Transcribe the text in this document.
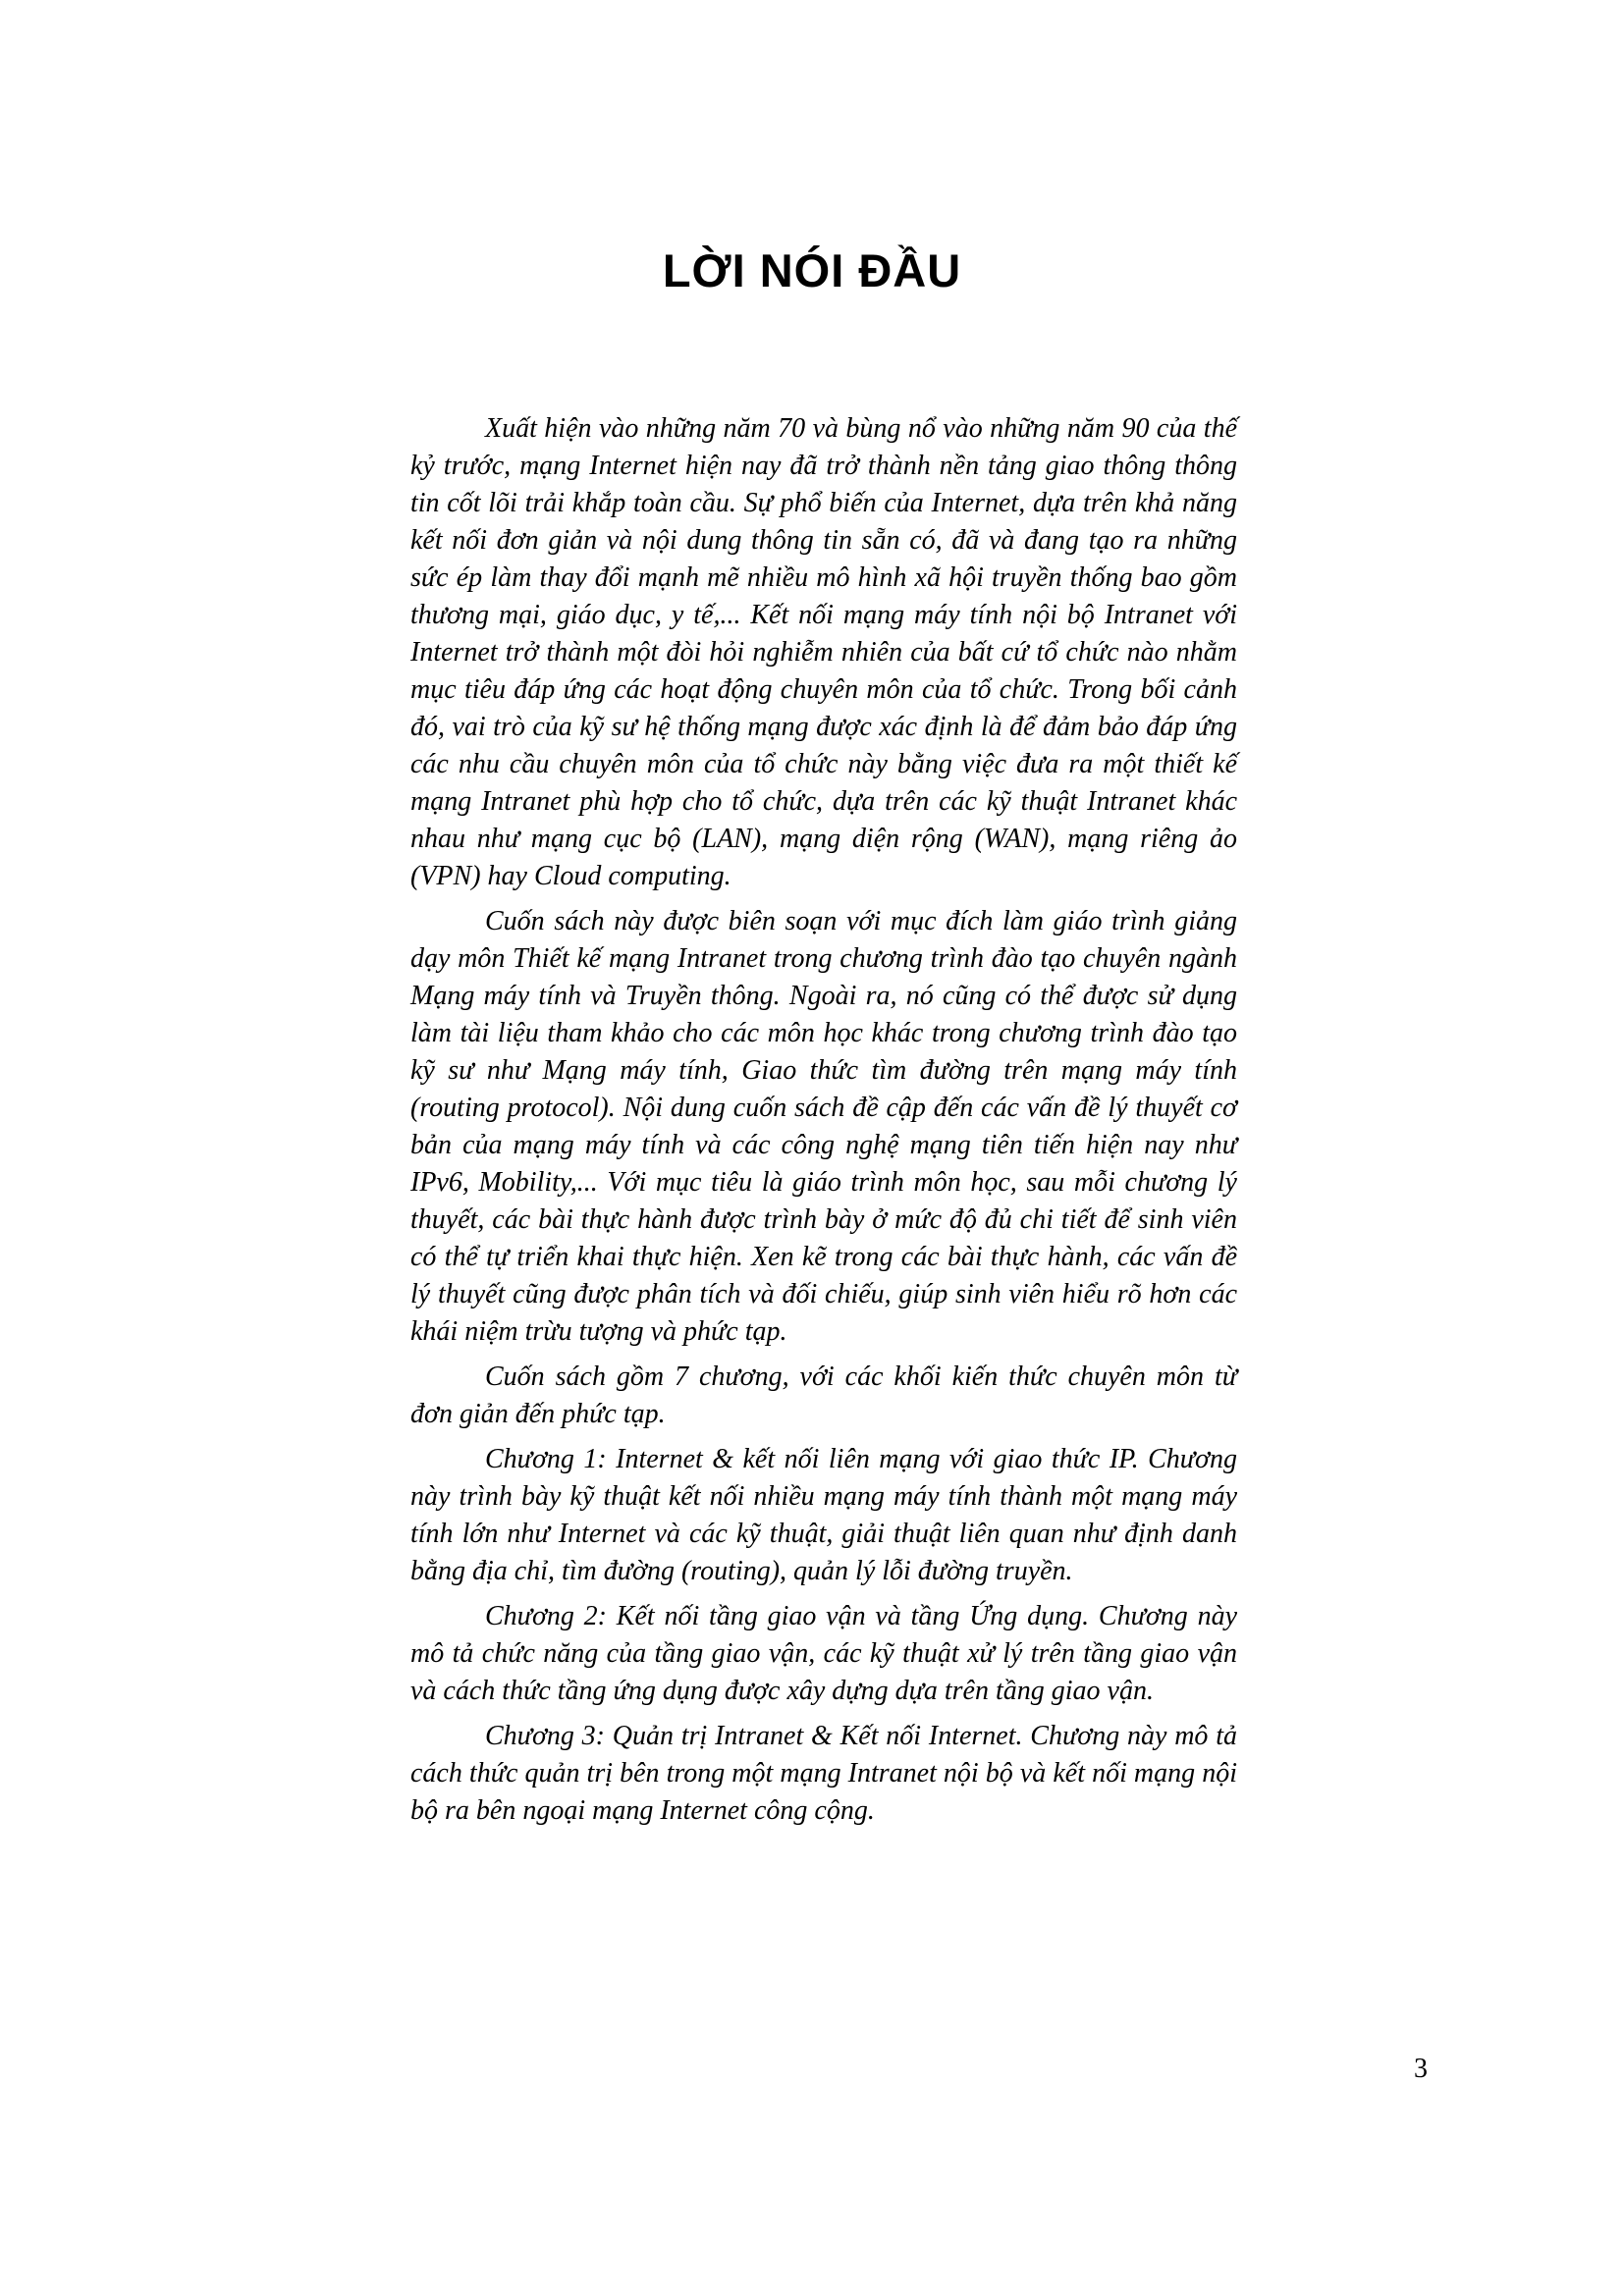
LỜI NÓI ĐẦU

Xuất hiện vào những năm 70 và bùng nổ vào những năm 90 của thế kỷ trước, mạng Internet hiện nay đã trở thành nền tảng giao thông thông tin cốt lõi trải khắp toàn cầu. Sự phổ biến của Internet, dựa trên khả năng kết nối đơn giản và nội dung thông tin sẵn có, đã và đang tạo ra những sức ép làm thay đổi mạnh mẽ nhiều mô hình xã hội truyền thống bao gồm thương mại, giáo dục, y tế,... Kết nối mạng máy tính nội bộ Intranet với Internet trở thành một đòi hỏi nghiễm nhiên của bất cứ tổ chức nào nhằm mục tiêu đáp ứng các hoạt động chuyên môn của tổ chức. Trong bối cảnh đó, vai trò của kỹ sư hệ thống mạng được xác định là để đảm bảo đáp ứng các nhu cầu chuyên môn của tổ chức này bằng việc đưa ra một thiết kế mạng Intranet phù hợp cho tổ chức, dựa trên các kỹ thuật Intranet khác nhau như mạng cục bộ (LAN), mạng diện rộng (WAN), mạng riêng ảo (VPN) hay Cloud computing.

Cuốn sách này được biên soạn với mục đích làm giáo trình giảng dạy môn Thiết kế mạng Intranet trong chương trình đào tạo chuyên ngành Mạng máy tính và Truyền thông. Ngoài ra, nó cũng có thể được sử dụng làm tài liệu tham khảo cho các môn học khác trong chương trình đào tạo kỹ sư như Mạng máy tính, Giao thức tìm đường trên mạng máy tính (routing protocol). Nội dung cuốn sách đề cập đến các vấn đề lý thuyết cơ bản của mạng máy tính và các công nghệ mạng tiên tiến hiện nay như IPv6, Mobility,... Với mục tiêu là giáo trình môn học, sau mỗi chương lý thuyết, các bài thực hành được trình bày ở mức độ đủ chi tiết để sinh viên có thể tự triển khai thực hiện. Xen kẽ trong các bài thực hành, các vấn đề lý thuyết cũng được phân tích và đối chiếu, giúp sinh viên hiểu rõ hơn các khái niệm trừu tượng và phức tạp.

Cuốn sách gồm 7 chương, với các khối kiến thức chuyên môn từ đơn giản đến phức tạp.

Chương 1: Internet & kết nối liên mạng với giao thức IP. Chương này trình bày kỹ thuật kết nối nhiều mạng máy tính thành một mạng máy tính lớn như Internet và các kỹ thuật, giải thuật liên quan như định danh bằng địa chỉ, tìm đường (routing), quản lý lỗi đường truyền.

Chương 2: Kết nối tầng giao vận và tầng Ứng dụng. Chương này mô tả chức năng của tầng giao vận, các kỹ thuật xử lý trên tầng giao vận và cách thức tầng ứng dụng được xây dựng dựa trên tầng giao vận.

Chương 3: Quản trị Intranet & Kết nối Internet. Chương này mô tả cách thức quản trị bên trong một mạng Intranet nội bộ và kết nối mạng nội bộ ra bên ngoại mạng Internet công cộng.

3
